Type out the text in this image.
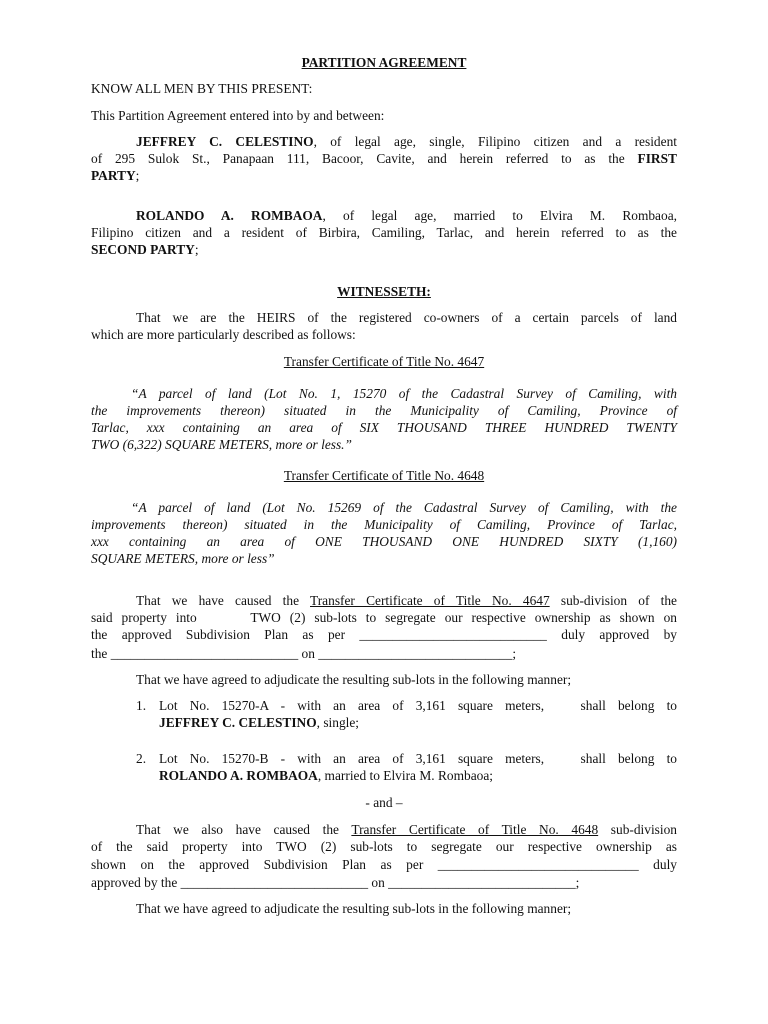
PARTITION AGREEMENT
KNOW ALL MEN BY THIS PRESENT:
This Partition Agreement entered into by and between:
JEFFREY C. CELESTINO, of legal age, single, Filipino citizen and a resident
of 295 Sulok St., Panapaan 111, Bacoor, Cavite, and herein referred to as the FIRST
PARTY;
ROLANDO A. ROMBAOA, of legal age, married to Elvira M. Rombaoa,
Filipino citizen and a resident of Birbira, Camiling, Tarlac, and herein referred to as the
SECOND PARTY;
WITNESSETH:
That we are the HEIRS of the registered co-owners of a certain parcels of land
which are more particularly described as follows:
Transfer Certificate of Title No. 4647
“A parcel of land (Lot No. 1, 15270 of the Cadastral Survey of Camiling, with
the improvements thereon) situated in the Municipality of Camiling, Province of
Tarlac, xxx containing an area of SIX THOUSAND THREE HUNDRED TWENTY
TWO (6,322) SQUARE METERS, more or less.”
Transfer Certificate of Title No. 4648
“A parcel of land (Lot No. 15269 of the Cadastral Survey of Camiling, with the
improvements thereon) situated in the Municipality of Camiling, Province of Tarlac,
xxx containing an area of ONE THOUSAND ONE HUNDRED SIXTY (1,160)
SQUARE METERS, more or less”
That we have caused the Transfer Certificate of Title No. 4647 sub-division of the
said property into      TWO (2) sub-lots to segregate our respective ownership as shown on
the approved Subdivision Plan as per ____________________________ duly approved by
the ____________________________ on _____________________________;
That we have agreed to adjudicate the resulting sub-lots in the following manner;
1. Lot No. 15270-A - with an area of 3,161 square meters,   shall belong to
JEFFREY C. CELESTINO, single;
2. Lot No. 15270-B - with an area of 3,161 square meters,   shall belong to
ROLANDO A. ROMBAOA, married to Elvira M. Rombaoa;
- and –
That we also have caused the Transfer Certificate of Title No. 4648 sub-division
of the said property into TWO (2) sub-lots to segregate our respective ownership as
shown on the approved Subdivision Plan as per ______________________________ duly
approved by the ____________________________ on ____________________________;
That we have agreed to adjudicate the resulting sub-lots in the following manner;
